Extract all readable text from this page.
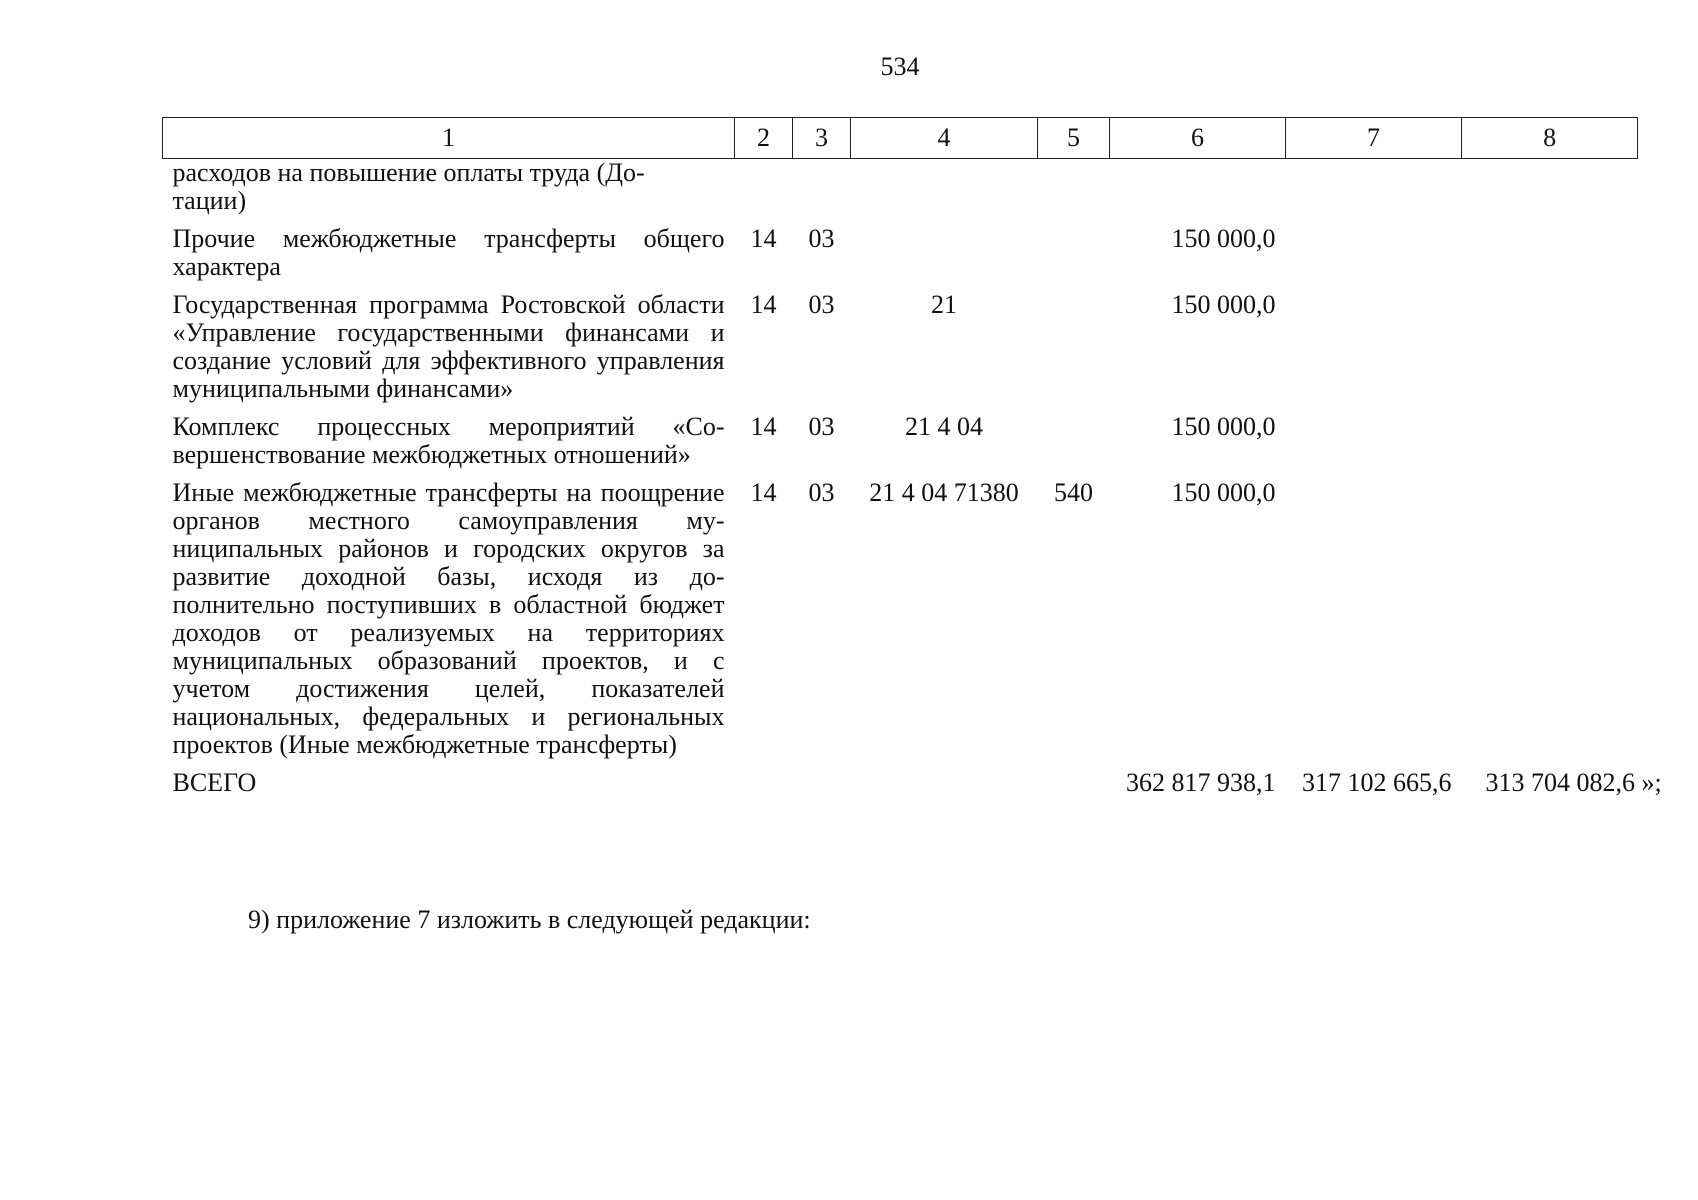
534
1	2	3	4	5	6	7	8
расходов на повышение оплаты труда (До-
тации)							
Прочие межбюджетные трансферты общего характера	14	03			150 000,0		
Государственная программа Ростовской области «Управление государственными финансами и создание условий для эффективного управления муниципальными финансами»	14	03	21		150 000,0		
Комплекс процессных мероприятий «Совершенствование межбюджетных отношений»	14	03	21 4 04		150 000,0		
Иные межбюджетные трансферты на поощрение органов местного самоуправления муниципальных районов и городских округов за развитие доходной базы, исходя из дополнительно поступивших в областной бюджет доходов от реализуемых на территориях муниципальных образований проектов, и с учетом достижения целей, показателей национальных, федеральных и региональных проектов (Иные межбюджетные трансферты)	14	03	21 4 04 71380	540	150 000,0		
ВСЕГО					362 817 938,1	317 102 665,6	313 704 082,6 »;
9) приложение 7 изложить в следующей редакции:
